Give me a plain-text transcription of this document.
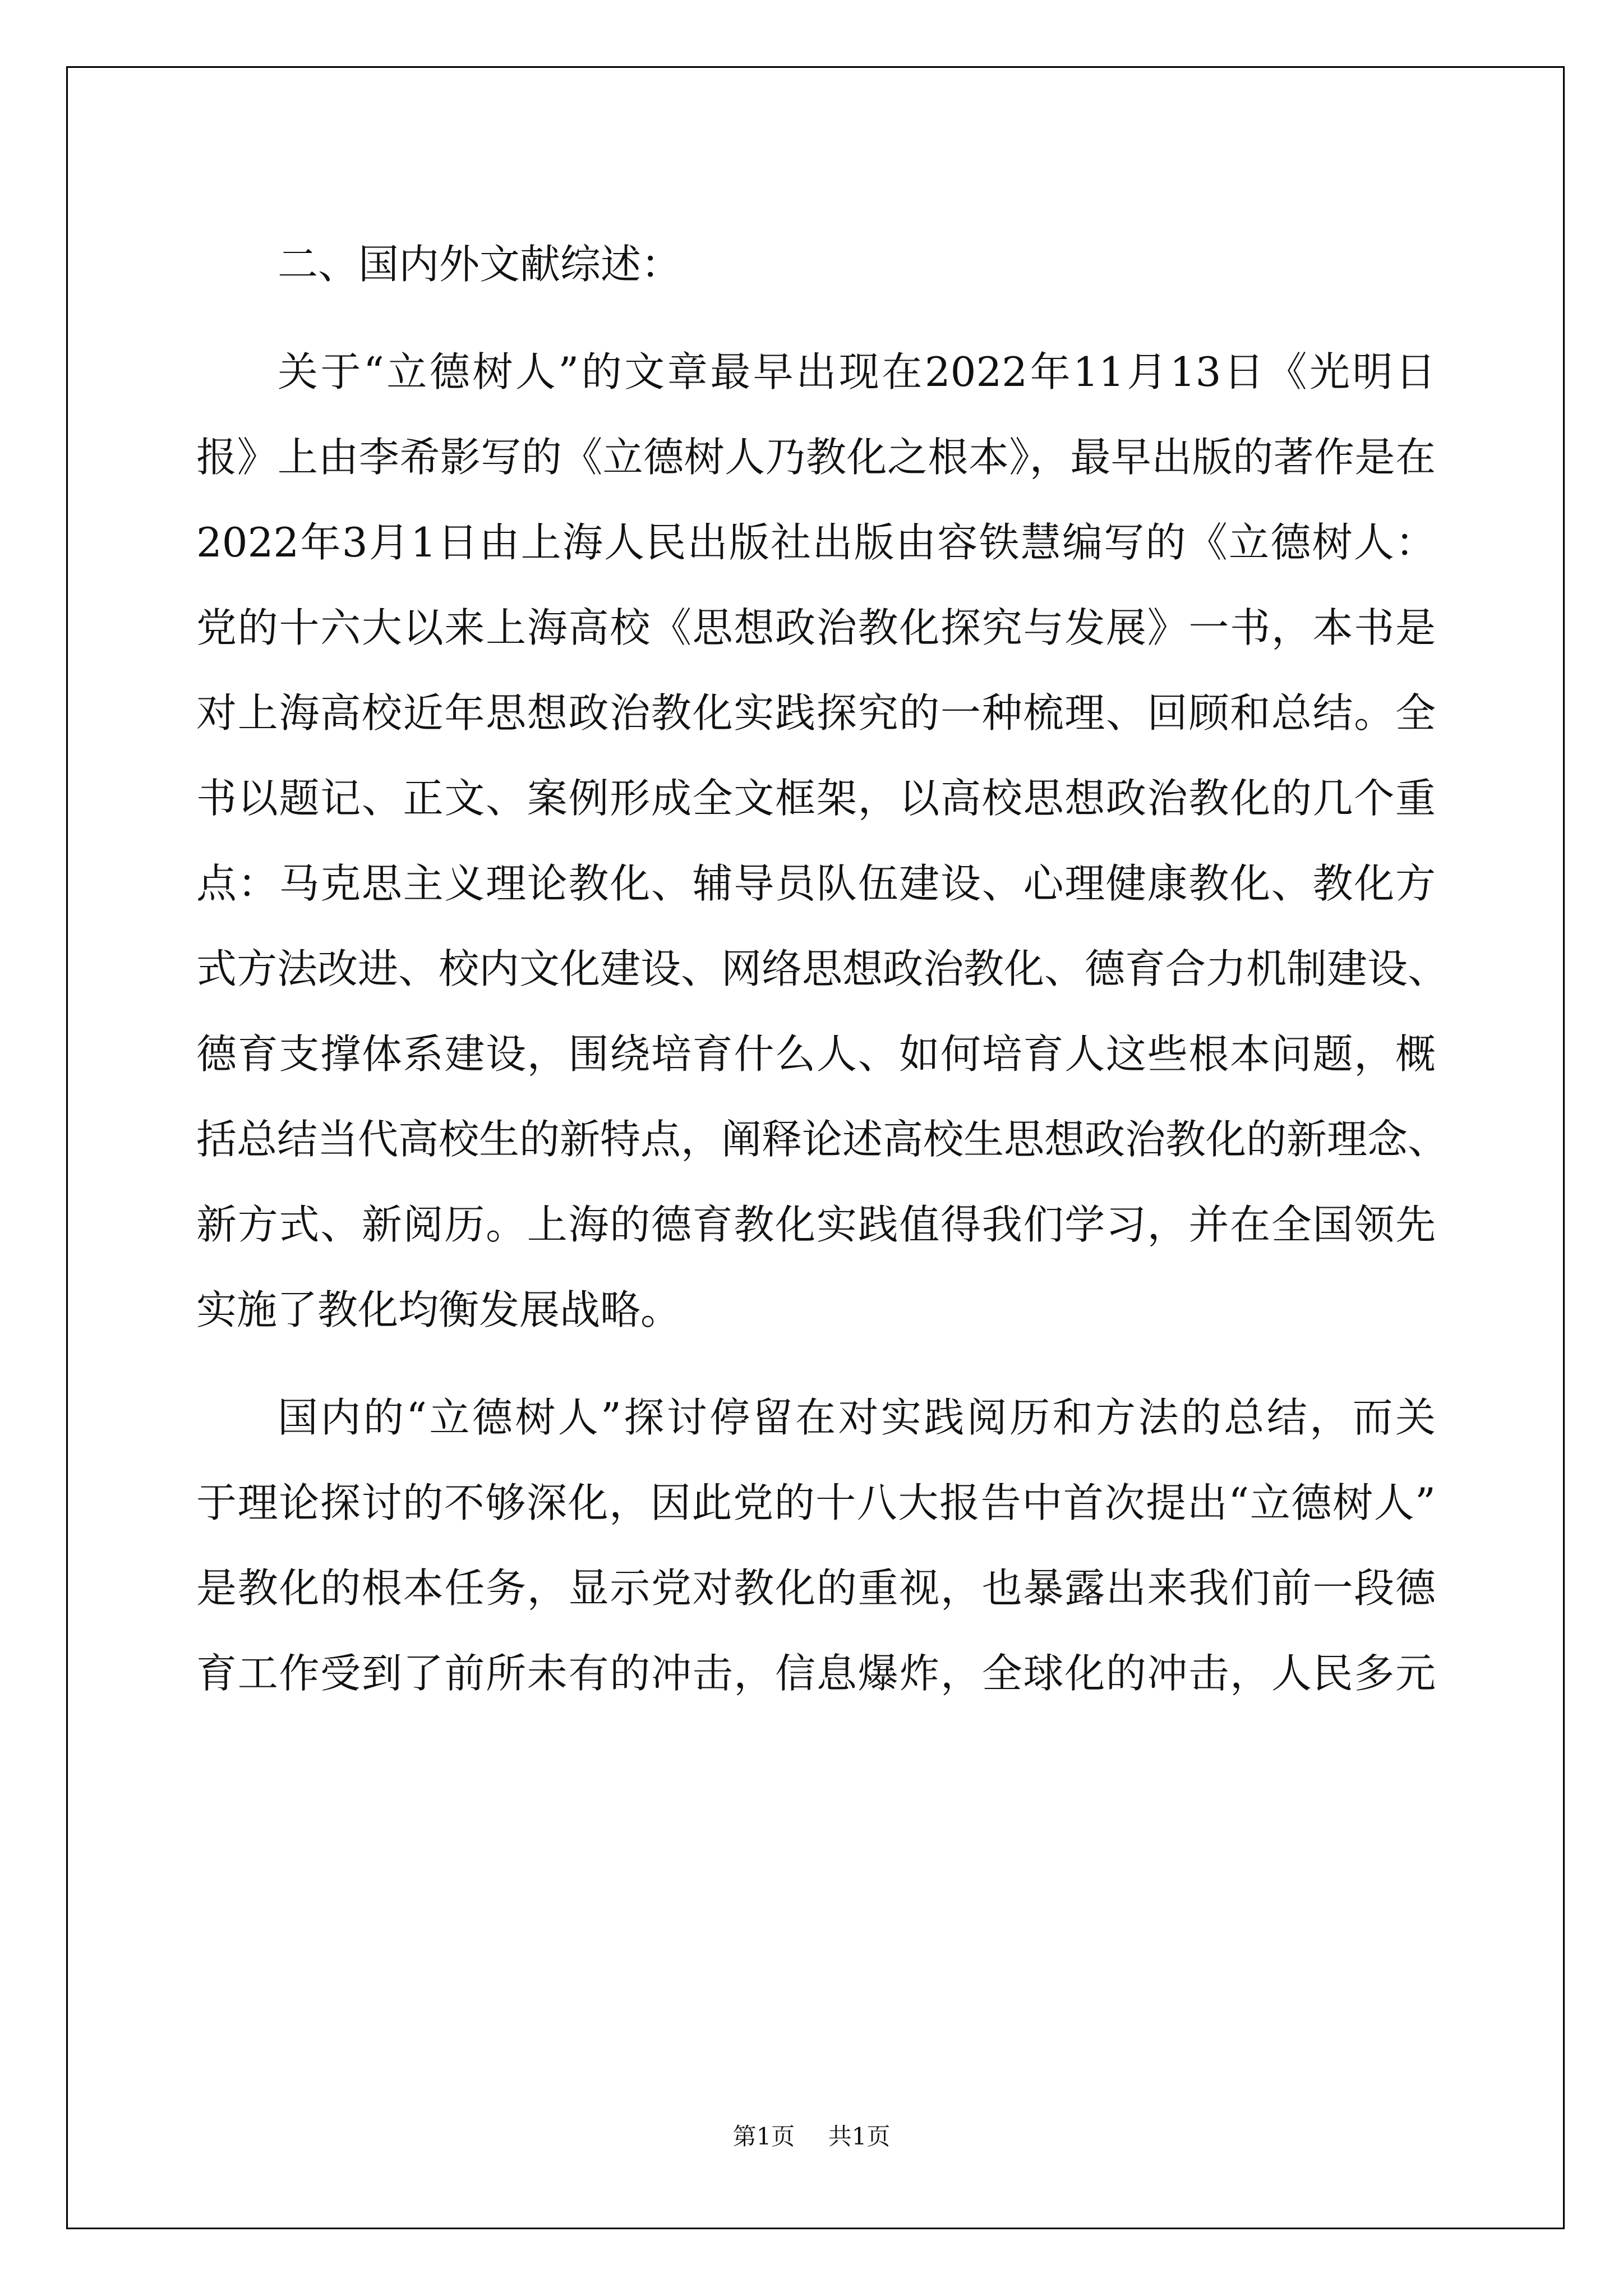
二、国内外文献综述：
关于“立德树人”的文章最早出现在2022年11月13日《光明日
报》上由李希影写的《立德树人乃教化之根本》，最早出版的著作是在
2022年3月1日由上海人民出版社出版由容铁慧编写的《立德树人：
党的十六大以来上海高校《思想政治教化探究与发展》一书，本书是
对上海高校近年思想政治教化实践探究的一种梳理、回顾和总结。全
书以题记、正文、案例形成全文框架，以高校思想政治教化的几个重
点：马克思主义理论教化、辅导员队伍建设、心理健康教化、教化方
式方法改进、校内文化建设、网络思想政治教化、德育合力机制建设、
德育支撑体系建设，围绕培育什么人、如何培育人这些根本问题，概
括总结当代高校生的新特点，阐释论述高校生思想政治教化的新理念、
新方式、新阅历。上海的德育教化实践值得我们学习，并在全国领先
实施了教化均衡发展战略。
国内的“立德树人”探讨停留在对实践阅历和方法的总结，而关
于理论探讨的不够深化，因此党的十八大报告中首次提出“立德树人”
是教化的根本任务，显示党对教化的重视，也暴露出来我们前一段德
育工作受到了前所未有的冲击，信息爆炸，全球化的冲击，人民多元
第1页 共1页
